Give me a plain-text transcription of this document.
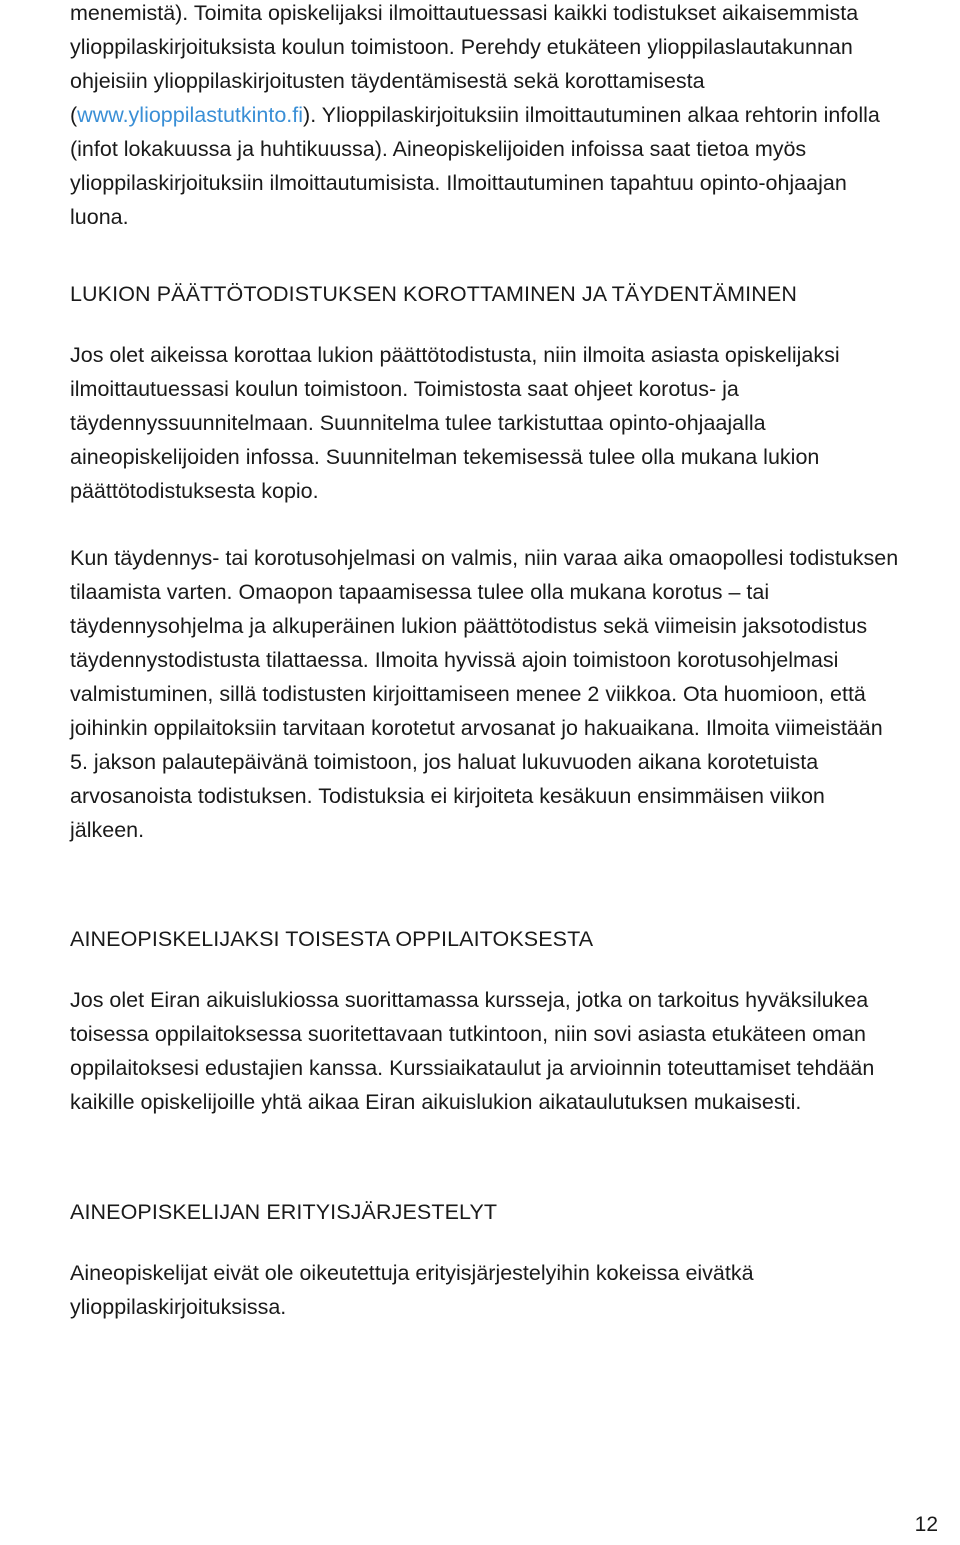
menemistä). Toimita opiskelijaksi ilmoittautuessasi kaikki todistukset aikaisemmista ylioppilaskirjoituksista koulun toimistoon. Perehdy etukäteen ylioppilaslautakunnan ohjeisiin ylioppilaskirjoitusten täydentämisestä sekä korottamisesta (www.ylioppilastutkinto.fi). Ylioppilaskirjoituksiin ilmoittautuminen alkaa rehtorin infolla (infot lokakuussa ja huhtikuussa). Aineopiskelijoiden infoissa saat tietoa myös ylioppilaskirjoituksiin ilmoittautumisista. Ilmoittautuminen tapahtuu opinto-ohjaajan luona.

LUKION PÄÄTTÖTODISTUKSEN KOROTTAMINEN JA TÄYDENTÄMINEN

Jos olet aikeissa korottaa lukion päättötodistusta, niin ilmoita asiasta opiskelijaksi ilmoittautuessasi koulun toimistoon. Toimistosta saat ohjeet korotus- ja täydennyssuunnitelmaan. Suunnitelma tulee tarkistuttaa opinto-ohjaajalla aineopiskelijoiden infossa. Suunnitelman tekemisessä tulee olla mukana lukion päättötodistuksesta kopio.

Kun täydennys- tai korotusohjelmasi on valmis, niin varaa aika omaopollesi todistuksen tilaamista varten. Omaopon tapaamisessa tulee olla mukana korotus – tai täydennysohjelma ja alkuperäinen lukion päättötodistus sekä viimeisin jaksotodistus täydennystodistusta tilattaessa. Ilmoita hyvissä ajoin toimistoon korotusohjelmasi valmistuminen, sillä todistusten kirjoittamiseen menee 2 viikkoa. Ota huomioon, että joihinkin oppilaitoksiin tarvitaan korotetut arvosanat jo hakuaikana. Ilmoita viimeistään 5. jakson palautepäivänä toimistoon, jos haluat lukuvuoden aikana korotetuista arvosanoista todistuksen. Todistuksia ei kirjoiteta kesäkuun ensimmäisen viikon jälkeen.

AINEOPISKELIJAKSI TOISESTA OPPILAITOKSESTA

Jos olet Eiran aikuislukiossa suorittamassa kursseja, jotka on tarkoitus hyväksilukea toisessa oppilaitoksessa suoritettavaan tutkintoon, niin sovi asiasta etukäteen oman oppilaitoksesi edustajien kanssa. Kurssiaikataulut ja arvioinnin toteuttamiset tehdään kaikille opiskelijoille yhtä aikaa Eiran aikuislukion aikataulutuksen mukaisesti.

AINEOPISKELIJAN ERITYISJÄRJESTELYT

Aineopiskelijat eivät ole oikeutettuja erityisjärjestelyihin kokeissa eivätkä ylioppilaskirjoituksissa.

12
